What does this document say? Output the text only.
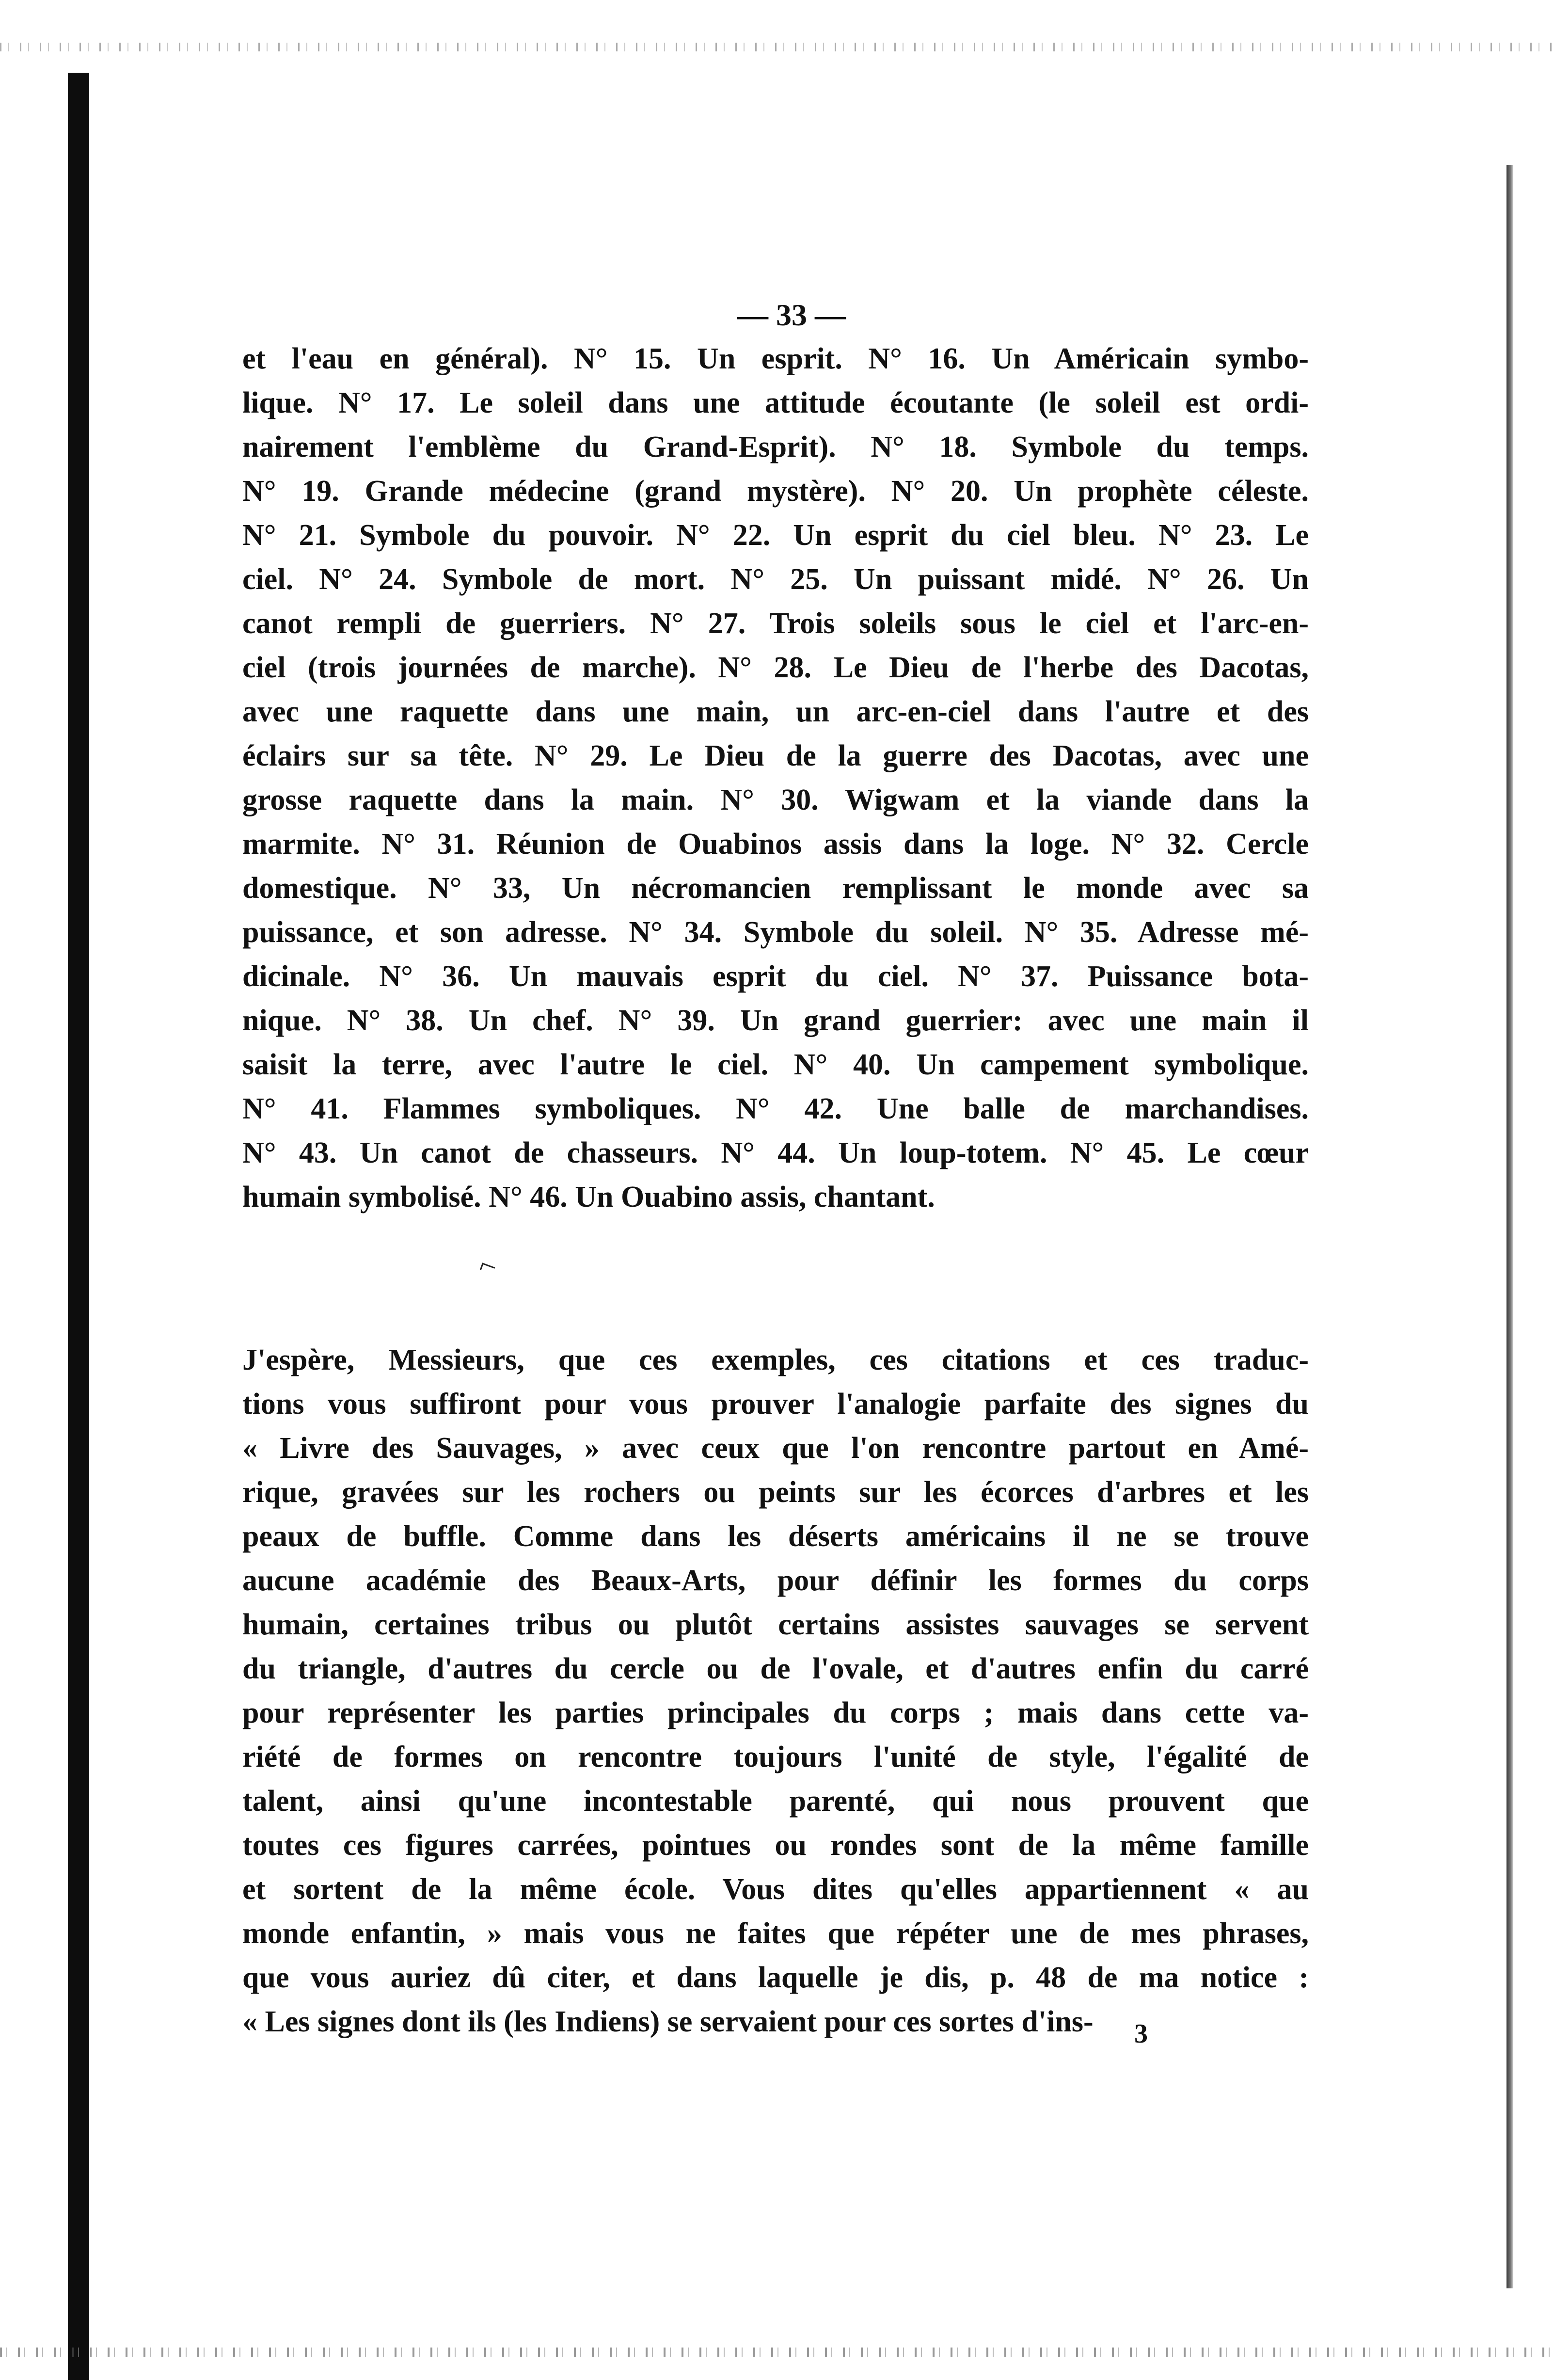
— 33 —
et l'eau en général). N° 15. Un esprit. N° 16. Un Américain symbo-
lique. N° 17. Le soleil dans une attitude écoutante (le soleil est ordi-
nairement l'emblème du Grand-Esprit). N° 18. Symbole du temps.
N° 19. Grande médecine (grand mystère). N° 20. Un prophète céleste.
N° 21. Symbole du pouvoir. N° 22. Un esprit du ciel bleu. N° 23. Le
ciel. N° 24. Symbole de mort. N° 25. Un puissant midé. N° 26. Un
canot rempli de guerriers. N° 27. Trois soleils sous le ciel et l'arc-en-
ciel (trois journées de marche). N° 28. Le Dieu de l'herbe des Dacotas,
avec une raquette dans une main, un arc-en-ciel dans l'autre et des
éclairs sur sa tête. N° 29. Le Dieu de la guerre des Dacotas, avec une
grosse raquette dans la main. N° 30. Wigwam et la viande dans la
marmite. N° 31. Réunion de Ouabinos assis dans la loge. N° 32. Cercle
domestique. N° 33, Un nécromancien remplissant le monde avec sa
puissance, et son adresse. N° 34. Symbole du soleil. N° 35. Adresse mé-
dicinale. N° 36. Un mauvais esprit du ciel. N° 37. Puissance bota-
nique. N° 38. Un chef. N° 39. Un grand guerrier: avec une main il
saisit la terre, avec l'autre le ciel. N° 40. Un campement symbolique.
N° 41. Flammes symboliques. N° 42. Une balle de marchandises.
N° 43. Un canot de chasseurs. N° 44. Un loup-totem. N° 45. Le cœur
humain symbolisé. N° 46. Un Ouabino assis, chantant.
⌐
J'espère, Messieurs, que ces exemples, ces citations et ces traduc-
tions vous suffiront pour vous prouver l'analogie parfaite des signes du
« Livre des Sauvages, » avec ceux que l'on rencontre partout en Amé-
rique, gravées sur les rochers ou peints sur les écorces d'arbres et les
peaux de buffle. Comme dans les déserts américains il ne se trouve
aucune académie des Beaux-Arts, pour définir les formes du corps
humain, certaines tribus ou plutôt certains assistes sauvages se servent
du triangle, d'autres du cercle ou de l'ovale, et d'autres enfin du carré
pour représenter les parties principales du corps ; mais dans cette va-
riété de formes on rencontre toujours l'unité de style, l'égalité de
talent, ainsi qu'une incontestable parenté, qui nous prouvent que
toutes ces figures carrées, pointues ou rondes sont de la même famille
et sortent de la même école. Vous dites qu'elles appartiennent « au
monde enfantin, » mais vous ne faites que répéter une de mes phrases,
que vous auriez dû citer, et dans laquelle je dis, p. 48 de ma notice :
« Les signes dont ils (les Indiens) se servaient pour ces sortes d'ins-	3
